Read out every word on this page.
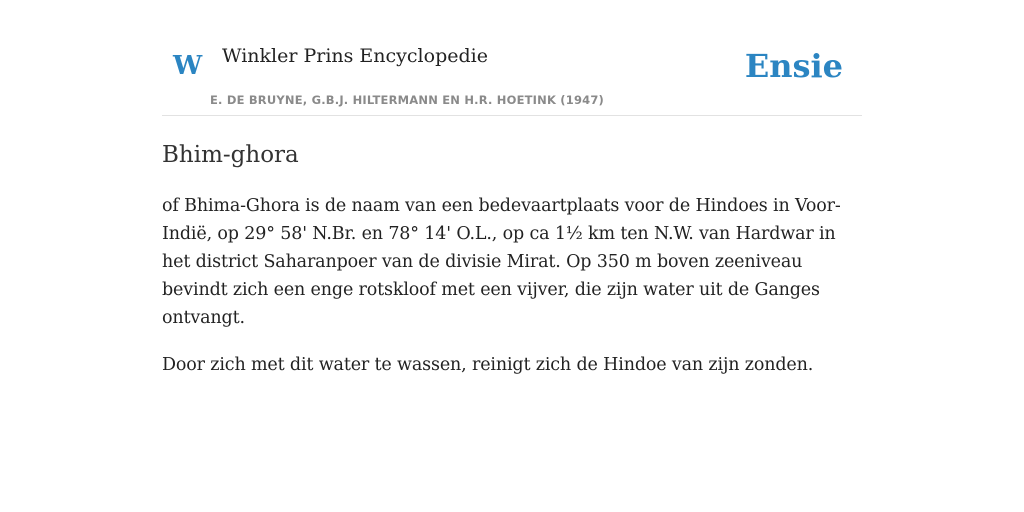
W Winkler Prins Encyclopedie
E. DE BRUYNE, G.B.J. HILTERMANN EN H.R. HOETINK (1947)
Ensie
Bhim-ghora

of Bhima-Ghora is de naam van een bedevaartplaats voor de Hindoes in Voor-Indië, op 29° 58' N.Br. en 78° 14' O.L., op ca 1½ km ten N.W. van Hardwar in het district Saharanpoer van de divisie Mirat. Op 350 m boven zeeniveau bevindt zich een enge rotskloof met een vijver, die zijn water uit de Ganges ontvangt.

Door zich met dit water te wassen, reinigt zich de Hindoe van zijn zonden.
